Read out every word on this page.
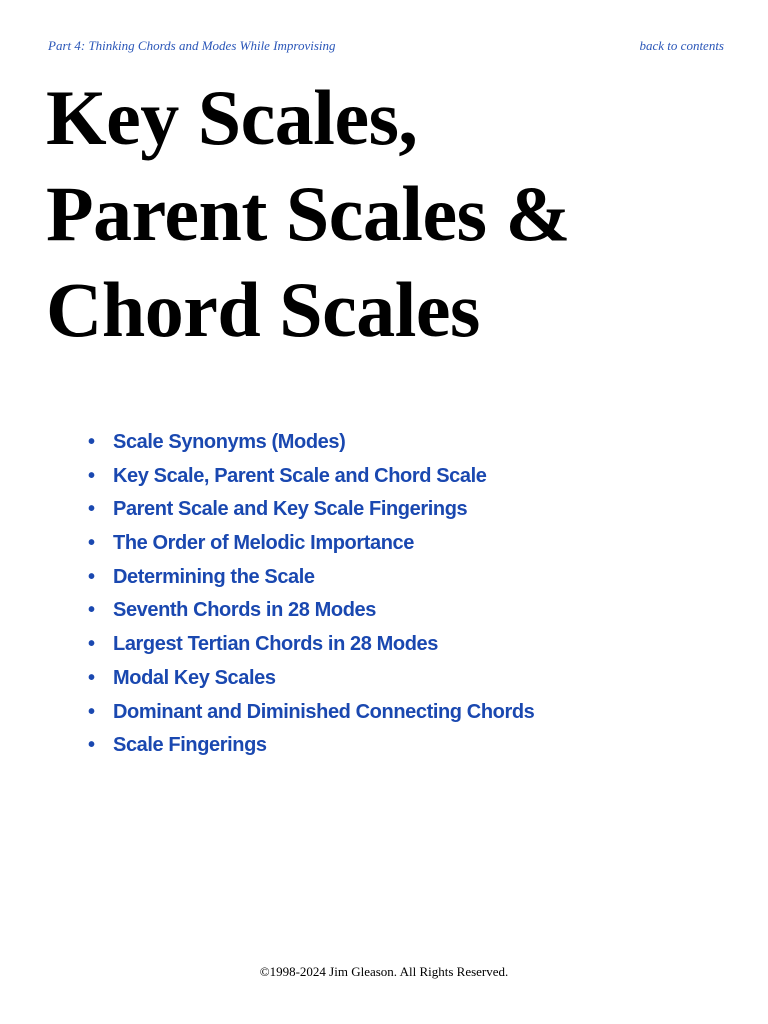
Part 4: Thinking Chords and Modes While Improvising	back to contents
Key Scales,
Parent Scales &
Chord Scales
• Scale Synonyms (Modes)
• Key Scale, Parent Scale and Chord Scale
• Parent Scale and Key Scale Fingerings
• The Order of Melodic Importance
• Determining the Scale
• Seventh Chords in 28 Modes
• Largest Tertian Chords in 28 Modes
• Modal Key Scales
• Dominant and Diminished Connecting Chords
• Scale Fingerings
©1998-2024 Jim Gleason. All Rights Reserved.
